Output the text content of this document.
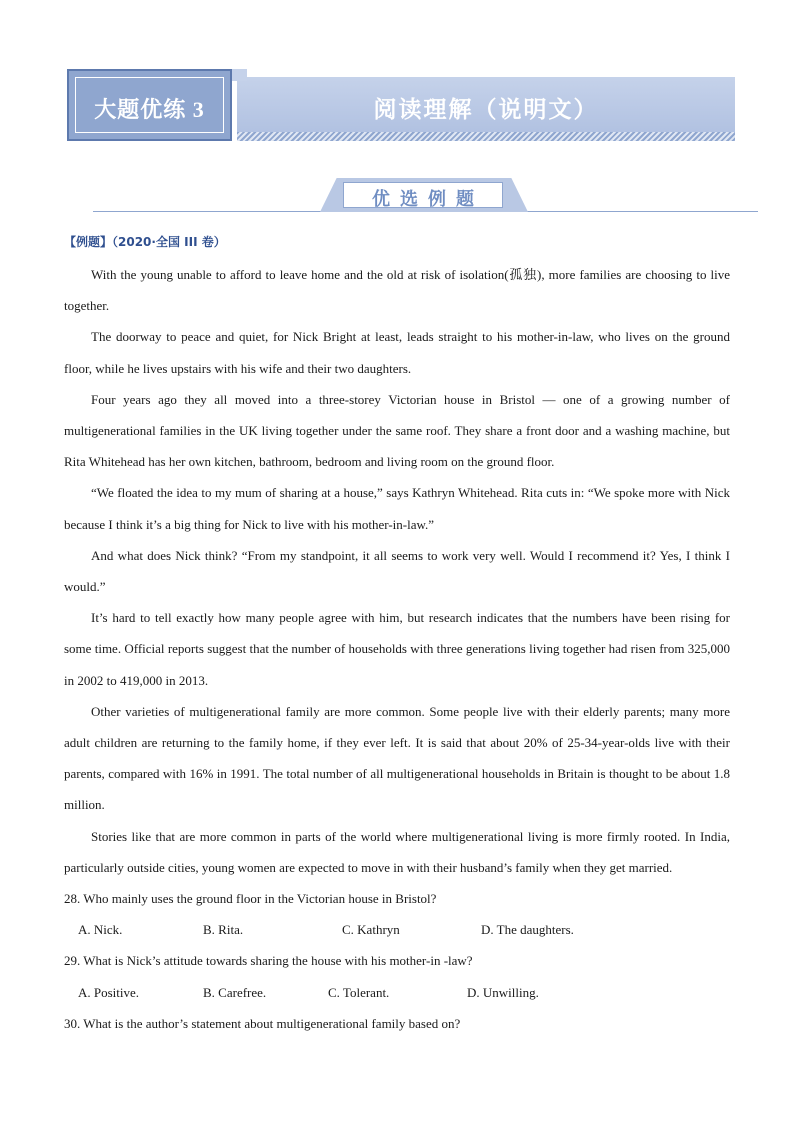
阅读理解（说明文）
大题优练 3
优选例题
【例题】（2020·全国 III 卷）

With the young unable to afford to leave home and the old at risk of isolation(孤独), more families are choosing to live together.

The doorway to peace and quiet, for Nick Bright at least, leads straight to his mother-in-law, who lives on the ground floor, while he lives upstairs with his wife and their two daughters.

Four years ago they all moved into a three-storey Victorian house in Bristol — one of a growing number of multigenerational families in the UK living together under the same roof. They share a front door and a washing machine, but Rita Whitehead has her own kitchen, bathroom, bedroom and living room on the ground floor.

“We floated the idea to my mum of sharing at a house,” says Kathryn Whitehead. Rita cuts in: “We spoke more with Nick because I think it’s a big thing for Nick to live with his mother-in-law.”

And what does Nick think? “From my standpoint, it all seems to work very well. Would I recommend it? Yes, I think I would.”

It’s hard to tell exactly how many people agree with him, but research indicates that the numbers have been rising for some time. Official reports suggest that the number of households with three generations living together had risen from 325,000 in 2002 to 419,000 in 2013.

Other varieties of multigenerational family are more common. Some people live with their elderly parents; many more adult children are returning to the family home, if they ever left. It is said that about 20% of 25-34-year-olds live with their parents, compared with 16% in 1991. The total number of all multigenerational households in Britain is thought to be about 1.8 million.

Stories like that are more common in parts of the world where multigenerational living is more firmly rooted. In India, particularly outside cities, young women are expected to move in with their husband’s family when they get married.

28. Who mainly uses the ground floor in the Victorian house in Bristol?

A. Nick.	B. Rita.	C. Kathryn	D. The daughters.

29. What is Nick’s attitude towards sharing the house with his mother-in -law?

A. Positive.	B. Carefree.	C. Tolerant.	D. Unwilling.

30. What is the author’s statement about multigenerational family based on?
